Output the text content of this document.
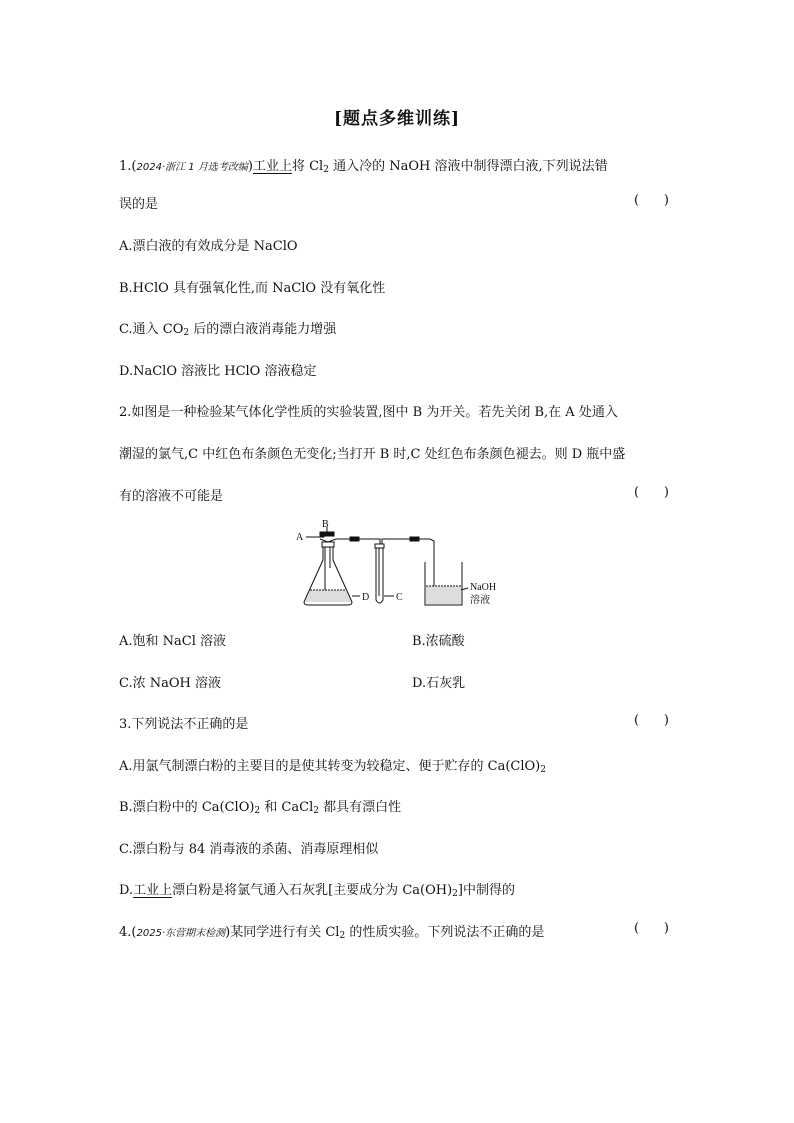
[题点多维训练]
1.(2024·浙江 1 月选考改编)工业上将 $Cl_2$ 通入冷的 NaOH 溶液中制得漂白液,下列说法错
误的是	(      )
A.漂白液的有效成分是 NaClO
B.HClO 具有强氧化性,而 NaClO 没有氧化性
C.通入 $CO_2$ 后的漂白液消毒能力增强
D.NaClO 溶液比 HClO 溶液稳定
2.如图是一种检验某气体化学性质的实验装置,图中 B 为开关。若先关闭 B,在 A 处通入
潮湿的氯气,C 中红色布条颜色无变化;当打开 B 时,C 处红色布条颜色褪去。则 D 瓶中盛
有的溶液不可能是	(      )
A
B
D	C
NaOH
溶液
A.饱和 NaCl 溶液	B.浓硫酸
C.浓 NaOH 溶液	D.石灰乳
3.下列说法不正确的是	(      )
A.用氯气制漂白粉的主要目的是使其转变为较稳定、便于贮存的 $Ca(ClO)_2$
B.漂白粉中的 $Ca(ClO)_2$ 和 CaCl$_2$ 都具有漂白性
C.漂白粉与 84 消毒液的杀菌、消毒原理相似
D.工业上漂白粉是将氯气通入石灰乳[主要成分为 $Ca(OH)_2$]中制得的
4.(2025·东营期末检测)某同学进行有关 $Cl_2$ 的性质实验。下列说法不正确的是	(      )
